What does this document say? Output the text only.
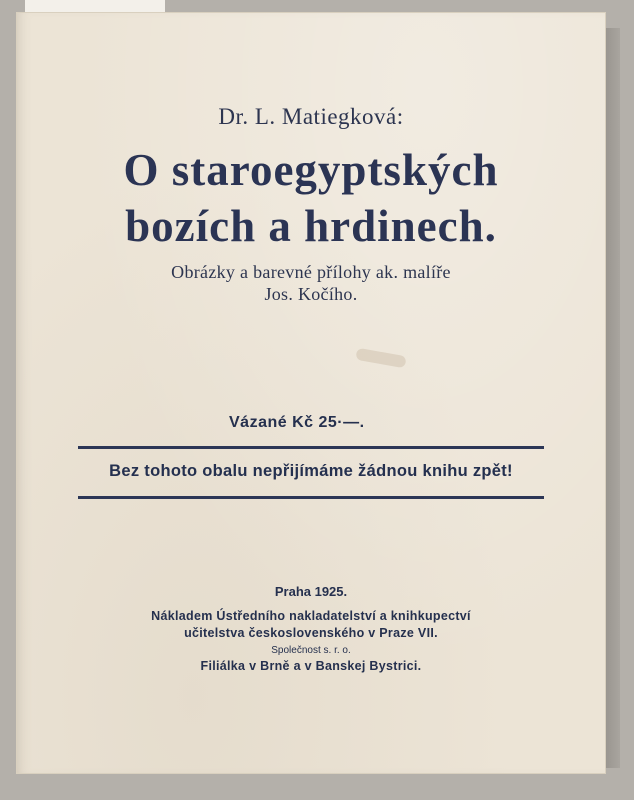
Dr. L. Matiegková:
O staroegyptských
bozích a hrdinech.
Obrázky a barevné přílohy ak. malíře
Jos. Kočího.
Vázané Kč 25·—.
Bez tohoto obalu nepřijímáme žádnou knihu zpět!
Praha 1925.
Nákladem Ústředního nakladatelství a knihkupectví
učitelstva československého v Praze VII.
Společnost s. r. o.
Filiálka v Brně a v Banskej Bystrici.
